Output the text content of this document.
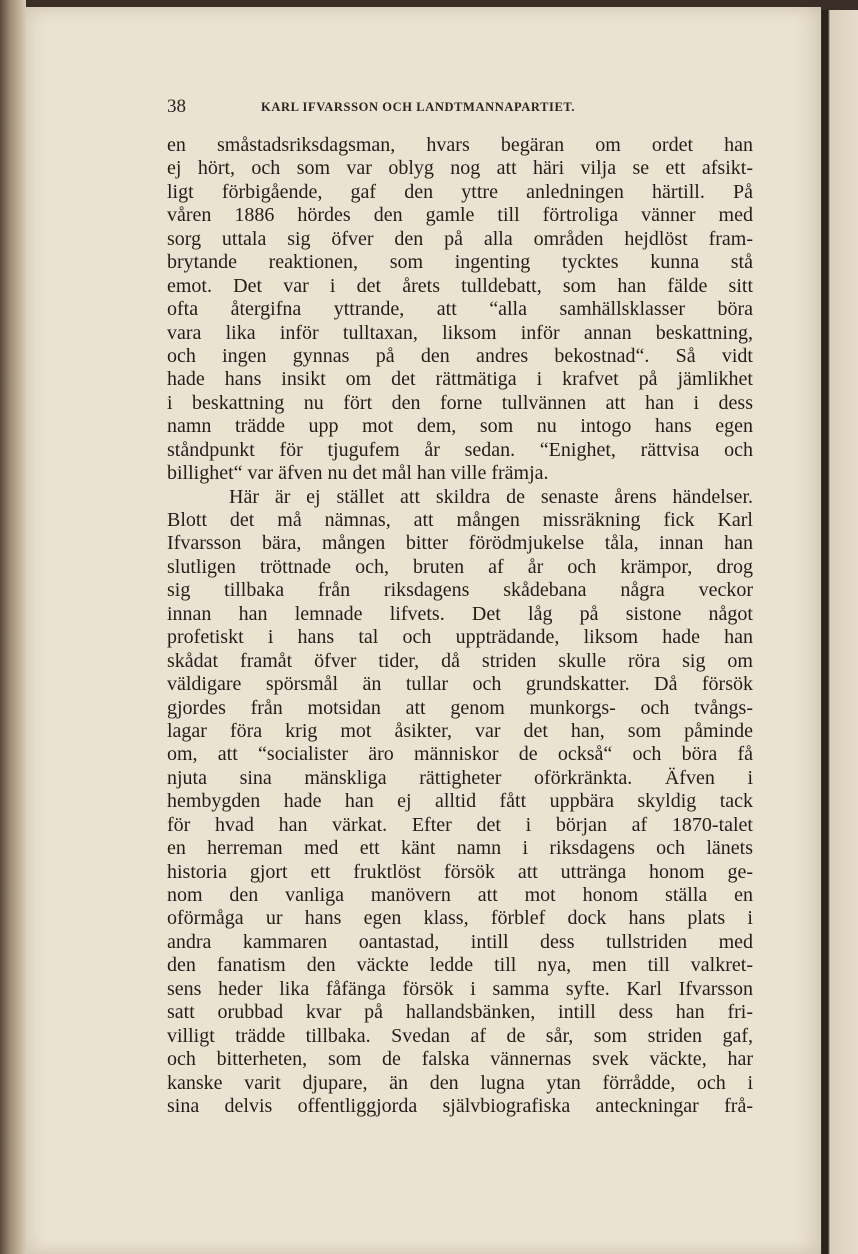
38	KARL IFVARSSON OCH LANDTMANNAPARTIET.
en småstadsriksdagsman, hvars begäran om ordet han
ej hört, och som var oblyg nog att häri vilja se ett afsikt-
ligt förbigående, gaf den yttre anledningen härtill. På
våren 1886 hördes den gamle till förtroliga vänner med
sorg uttala sig öfver den på alla områden hejdlöst fram-
brytande reaktionen, som ingenting tycktes kunna stå
emot. Det var i det årets tulldebatt, som han fälde sitt
ofta återgifna yttrande, att “alla samhällsklasser böra
vara lika inför tulltaxan, liksom inför annan beskattning,
och ingen gynnas på den andres bekostnad“. Så vidt
hade hans insikt om det rättmätiga i krafvet på jämlikhet
i beskattning nu fört den forne tullvännen att han i dess
namn trädde upp mot dem, som nu intogo hans egen
ståndpunkt för tjugufem år sedan. “Enighet, rättvisa och
billighet“ var äfven nu det mål han ville främja.
Här är ej stället att skildra de senaste årens händelser.
Blott det må nämnas, att mången missräkning fick Karl
Ifvarsson bära, mången bitter förödmjukelse tåla, innan han
slutligen tröttnade och, bruten af år och krämpor, drog
sig tillbaka från riksdagens skådebana några veckor
innan han lemnade lifvets. Det låg på sistone något
profetiskt i hans tal och uppträdande, liksom hade han
skådat framåt öfver tider, då striden skulle röra sig om
väldigare spörsmål än tullar och grundskatter. Då försök
gjordes från motsidan att genom munkorgs- och tvångs-
lagar föra krig mot åsikter, var det han, som påminde
om, att “socialister äro människor de också“ och böra få
njuta sina mänskliga rättigheter oförkränkta. Äfven i
hembygden hade han ej alltid fått uppbära skyldig tack
för hvad han värkat. Efter det i början af 1870-talet
en herreman med ett känt namn i riksdagens och länets
historia gjort ett fruktlöst försök att uttränga honom ge-
nom den vanliga manövern att mot honom ställa en
oförmåga ur hans egen klass, förblef dock hans plats i
andra kammaren oantastad, intill dess tullstriden med
den fanatism den väckte ledde till nya, men till valkret-
sens heder lika fåfänga försök i samma syfte. Karl Ifvarsson
satt orubbad kvar på hallandsbänken, intill dess han fri-
villigt trädde tillbaka. Svedan af de sår, som striden gaf,
och bitterheten, som de falska vännernas svek väckte, har
kanske varit djupare, än den lugna ytan förrådde, och i
sina delvis offentliggjorda självbiografiska anteckningar frå-
